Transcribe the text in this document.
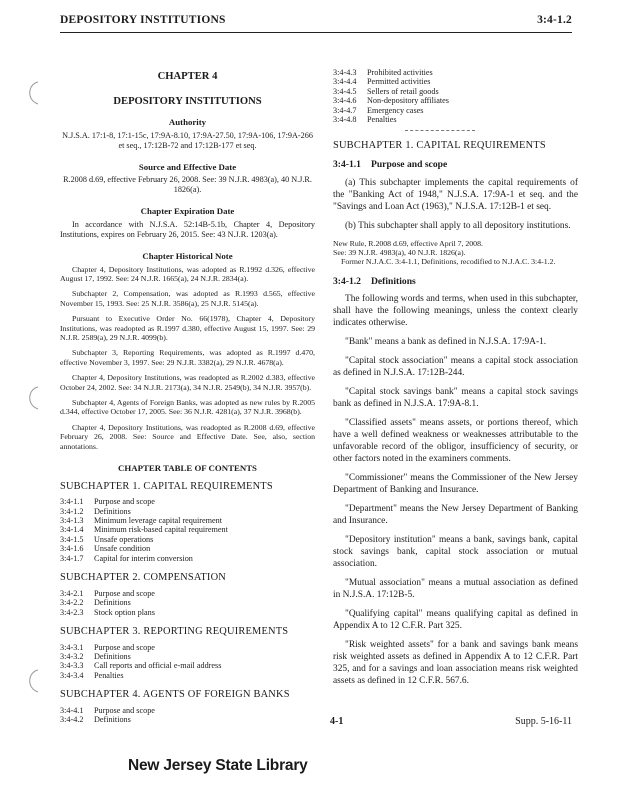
DEPOSITORY INSTITUTIONS	3:4-1.2
CHAPTER 4
DEPOSITORY INSTITUTIONS
Authority

N.J.S.A. 17:1-8, 17:1-15c, 17:9A-8.10, 17:9A-27.50, 17:9A-106, 17:9A-266 et seq., 17:12B-72 and 17:12B-177 et seq.

Source and Effective Date

R.2008 d.69, effective February 26, 2008. See: 39 N.J.R. 4983(a), 40 N.J.R. 1826(a).

Chapter Expiration Date

In accordance with N.J.S.A. 52:14B-5.1b, Chapter 4, Depository Institutions, expires on February 26, 2015. See: 43 N.J.R. 1203(a).

Chapter Historical Note

Chapter 4, Depository Institutions, was adopted as R.1992 d.326, effective August 17, 1992. See: 24 N.J.R. 1665(a), 24 N.J.R. 2834(a).

Subchapter 2, Compensation, was adopted as R.1993 d.565, effective November 15, 1993. See: 25 N.J.R. 3586(a), 25 N.J.R. 5145(a).

Pursuant to Executive Order No. 66(1978), Chapter 4, Depository Institutions, was readopted as R.1997 d.380, effective August 15, 1997. See: 29 N.J.R. 2589(a), 29 N.J.R. 4099(b).

Subchapter 3, Reporting Requirements, was adopted as R.1997 d.470, effective November 3, 1997. See: 29 N.J.R. 3382(a), 29 N.J.R. 4678(a).

Chapter 4, Depository Institutions, was readopted as R.2002 d.383, effective October 24, 2002. See: 34 N.J.R. 2173(a), 34 N.J.R. 2549(b), 34 N.J.R. 3957(b).

Subchapter 4, Agents of Foreign Banks, was adopted as new rules by R.2005 d.344, effective October 17, 2005. See: 36 N.J.R. 4281(a), 37 N.J.R. 3968(b).

Chapter 4, Depository Institutions, was readopted as R.2008 d.69, effective February 26, 2008. See: Source and Effective Date. See, also, section annotations.

CHAPTER TABLE OF CONTENTS
SUBCHAPTER 1. CAPITAL REQUIREMENTS
3:4-1.1	Purpose and scope
3:4-1.2	Definitions
3:4-1.3	Minimum leverage capital requirement
3:4-1.4	Minimum risk-based capital requirement
3:4-1.5	Unsafe operations
3:4-1.6	Unsafe condition
3:4-1.7	Capital for interim conversion
SUBCHAPTER 2. COMPENSATION
3:4-2.1	Purpose and scope
3:4-2.2	Definitions
3:4-2.3	Stock option plans
SUBCHAPTER 3. REPORTING REQUIREMENTS
3:4-3.1	Purpose and scope
3:4-3.2	Definitions
3:4-3.3	Call reports and official e-mail address
3:4-3.4	Penalties
SUBCHAPTER 4. AGENTS OF FOREIGN BANKS
3:4-4.1	Purpose and scope
3:4-4.2	Definitions
3:4-4.3	Prohibited activities
3:4-4.4	Permitted activities
3:4-4.5	Sellers of retail goods
3:4-4.6	Non-depository affiliates
3:4-4.7	Emergency cases
3:4-4.8	Penalties
SUBCHAPTER 1. CAPITAL REQUIREMENTS
3:4-1.1 Purpose and scope

(a) This subchapter implements the capital requirements of the "Banking Act of 1948," N.J.S.A. 17:9A-1 et seq. and the "Savings and Loan Act (1963)," N.J.S.A. 17:12B-1 et seq.

(b) This subchapter shall apply to all depository institutions.

New Rule, R.2008 d.69, effective April 7, 2008.

See: 39 N.J.R. 4983(a), 40 N.J.R. 1826(a).

Former N.J.A.C. 3:4-1.1, Definitions, recodified to N.J.A.C. 3:4-1.2.

3:4-1.2 Definitions

The following words and terms, when used in this subchapter, shall have the following meanings, unless the context clearly indicates otherwise.

"Bank" means a bank as defined in N.J.S.A. 17:9A-1.

"Capital stock association" means a capital stock association as defined in N.J.S.A. 17:12B-244.

"Capital stock savings bank" means a capital stock savings bank as defined in N.J.S.A. 17:9A-8.1.

"Classified assets" means assets, or portions thereof, which have a well defined weakness or weaknesses attributable to the unfavorable record of the obligor, insufficiency of security, or other factors noted in the examiners comments.

"Commissioner" means the Commissioner of the New Jersey Department of Banking and Insurance.

"Department" means the New Jersey Department of Banking and Insurance.

"Depository institution" means a bank, savings bank, capital stock savings bank, capital stock association or mutual association.

"Mutual association" means a mutual association as defined in N.J.S.A. 17:12B-5.

"Qualifying capital" means qualifying capital as defined in Appendix A to 12 C.F.R. Part 325.

"Risk weighted assets" for a bank and savings bank means risk weighted assets as defined in Appendix A to 12 C.F.R. Part 325, and for a savings and loan association means risk weighted assets as defined in 12 C.F.R. 567.6.

4-1	Supp. 5-16-11
New Jersey State Library
